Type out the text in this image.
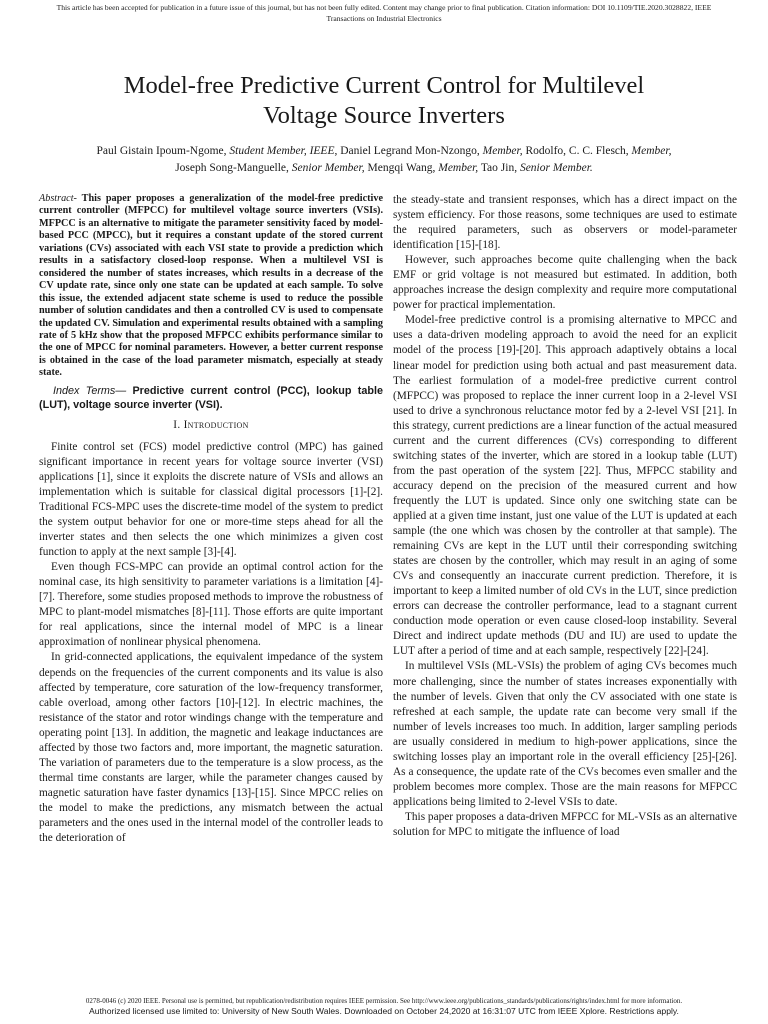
This article has been accepted for publication in a future issue of this journal, but has not been fully edited. Content may change prior to final publication. Citation information: DOI 10.1109/TIE.2020.3028822, IEEE
Transactions on Industrial Electronics
Model-free Predictive Current Control for Multilevel
Voltage Source Inverters
Paul Gistain Ipoum-Ngome, Student Member, IEEE, Daniel Legrand Mon-Nzongo, Member, Rodolfo, C. C. Flesch, Member, Joseph Song-Manguelle, Senior Member, Mengqi Wang, Member, Tao Jin, Senior Member.
Abstract- This paper proposes a generalization of the model-free predictive current controller (MFPCC) for multilevel voltage source inverters (VSIs). MFPCC is an alternative to mitigate the parameter sensitivity faced by model-based PCC (MPCC), but it requires a constant update of the stored current variations (CVs) associated with each VSI state to provide a prediction which results in a satisfactory closed-loop response. When a multilevel VSI is considered the number of states increases, which results in a decrease of the CV update rate, since only one state can be updated at each sample. To solve this issue, the extended adjacent state scheme is used to reduce the possible number of solution candidates and then a controlled CV is used to compensate the updated CV. Simulation and experimental results obtained with a sampling rate of 5 kHz show that the proposed MFPCC exhibits performance similar to the one of MPCC for nominal parameters. However, a better current response is obtained in the case of the load parameter mismatch, especially at steady state.
Index Terms— Predictive current control (PCC), lookup table (LUT), voltage source inverter (VSI).
I. Introduction

Finite control set (FCS) model predictive control (MPC) has gained significant importance in recent years for voltage source inverter (VSI) applications [1], since it exploits the discrete nature of VSIs and allows an implementation which is suitable for classical digital processors [1]-[2]. Traditional FCS-MPC uses the discrete-time model of the system to predict the system output behavior for one or more-time steps ahead for all the inverter states and then selects the one which minimizes a given cost function to apply at the next sample [3]-[4].

Even though FCS-MPC can provide an optimal control action for the nominal case, its high sensitivity to parameter variations is a limitation [4]-[7]. Therefore, some studies proposed methods to improve the robustness of MPC to plant-model mismatches [8]-[11]. Those efforts are quite important for real applications, since the internal model of MPC is a linear approximation of nonlinear physical phenomena.

In grid-connected applications, the equivalent impedance of the system depends on the frequencies of the current components and its value is also affected by temperature, core saturation of the low-frequency transformer, cable overload, among other factors [10]-[12]. In electric machines, the resistance of the stator and rotor windings change with the temperature and operating point [13]. In addition, the magnetic and leakage inductances are affected by those two factors and, more important, the magnetic saturation. The variation of parameters due to the temperature is a slow process, as the thermal time constants are larger, while the parameter changes caused by magnetic saturation have faster dynamics [13]-[15]. Since MPCC relies on the model to make the predictions, any mismatch between the actual parameters and the ones used in the internal model of the controller leads to the deterioration of

the steady-state and transient responses, which has a direct impact on the system efficiency. For those reasons, some techniques are used to estimate the required parameters, such as observers or model-parameter identification [15]-[18].

However, such approaches become quite challenging when the back EMF or grid voltage is not measured but estimated. In addition, both approaches increase the design complexity and require more computational power for practical implementation.

Model-free predictive control is a promising alternative to MPCC and uses a data-driven modeling approach to avoid the need for an explicit model of the process [19]-[20]. This approach adaptively obtains a local linear model for prediction using both actual and past measurement data. The earliest formulation of a model-free predictive current control (MFPCC) was proposed to replace the inner current loop in a 2-level VSI used to drive a synchronous reluctance motor fed by a 2-level VSI [21]. In this strategy, current predictions are a linear function of the actual measured current and the current differences (CVs) corresponding to different switching states of the inverter, which are stored in a lookup table (LUT) from the past operation of the system [22]. Thus, MFPCC stability and accuracy depend on the precision of the measured current and how frequently the LUT is updated. Since only one switching state can be applied at a given time instant, just one value of the LUT is updated at each sample (the one which was chosen by the controller at that sample). The remaining CVs are kept in the LUT until their corresponding switching states are chosen by the controller, which may result in an aging of some CVs and consequently an inaccurate current prediction. Therefore, it is important to keep a limited number of old CVs in the LUT, since prediction errors can decrease the controller performance, lead to a stagnant current conduction mode operation or even cause closed-loop instability. Several Direct and indirect update methods (DU and IU) are used to update the LUT after a period of time and at each sample, respectively [22]-[24].

In multilevel VSIs (ML-VSIs) the problem of aging CVs becomes much more challenging, since the number of states increases exponentially with the number of levels. Given that only the CV associated with one state is refreshed at each sample, the update rate can become very small if the number of levels increases too much. In addition, larger sampling periods are usually considered in medium to high-power applications, since the switching losses play an important role in the overall efficiency [25]-[26]. As a consequence, the update rate of the CVs becomes even smaller and the problem becomes more complex. Those are the main reasons for MFPCC applications being limited to 2-level VSIs to date.

This paper proposes a data-driven MFPCC for ML-VSIs as an alternative solution for MPC to mitigate the influence of load

0278-0046 (c) 2020 IEEE. Personal use is permitted, but republication/redistribution requires IEEE permission. See http://www.ieee.org/publications_standards/publications/rights/index.html for more information.
Authorized licensed use limited to: University of New South Wales. Downloaded on October 24,2020 at 16:31:07 UTC from IEEE Xplore. Restrictions apply.
